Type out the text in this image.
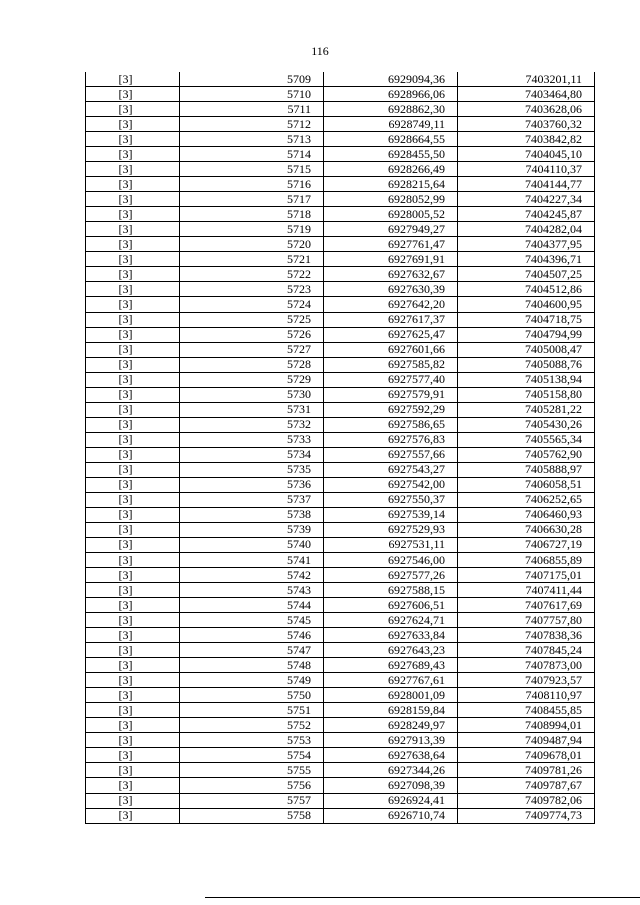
116
[3]	5709	6929094,36	7403201,11
[3]	5710	6928966,06	7403464,80
[3]	5711	6928862,30	7403628,06
[3]	5712	6928749,11	7403760,32
[3]	5713	6928664,55	7403842,82
[3]	5714	6928455,50	7404045,10
[3]	5715	6928266,49	7404110,37
[3]	5716	6928215,64	7404144,77
[3]	5717	6928052,99	7404227,34
[3]	5718	6928005,52	7404245,87
[3]	5719	6927949,27	7404282,04
[3]	5720	6927761,47	7404377,95
[3]	5721	6927691,91	7404396,71
[3]	5722	6927632,67	7404507,25
[3]	5723	6927630,39	7404512,86
[3]	5724	6927642,20	7404600,95
[3]	5725	6927617,37	7404718,75
[3]	5726	6927625,47	7404794,99
[3]	5727	6927601,66	7405008,47
[3]	5728	6927585,82	7405088,76
[3]	5729	6927577,40	7405138,94
[3]	5730	6927579,91	7405158,80
[3]	5731	6927592,29	7405281,22
[3]	5732	6927586,65	7405430,26
[3]	5733	6927576,83	7405565,34
[3]	5734	6927557,66	7405762,90
[3]	5735	6927543,27	7405888,97
[3]	5736	6927542,00	7406058,51
[3]	5737	6927550,37	7406252,65
[3]	5738	6927539,14	7406460,93
[3]	5739	6927529,93	7406630,28
[3]	5740	6927531,11	7406727,19
[3]	5741	6927546,00	7406855,89
[3]	5742	6927577,26	7407175,01
[3]	5743	6927588,15	7407411,44
[3]	5744	6927606,51	7407617,69
[3]	5745	6927624,71	7407757,80
[3]	5746	6927633,84	7407838,36
[3]	5747	6927643,23	7407845,24
[3]	5748	6927689,43	7407873,00
[3]	5749	6927767,61	7407923,57
[3]	5750	6928001,09	7408110,97
[3]	5751	6928159,84	7408455,85
[3]	5752	6928249,97	7408994,01
[3]	5753	6927913,39	7409487,94
[3]	5754	6927638,64	7409678,01
[3]	5755	6927344,26	7409781,26
[3]	5756	6927098,39	7409787,67
[3]	5757	6926924,41	7409782,06
[3]	5758	6926710,74	7409774,73
